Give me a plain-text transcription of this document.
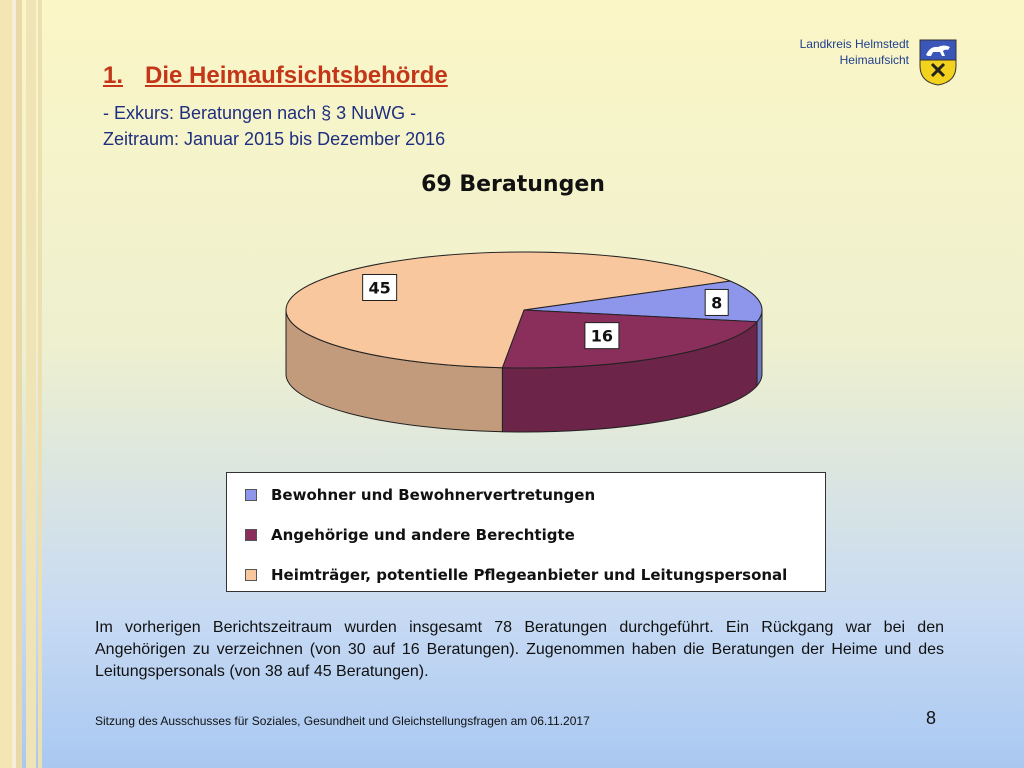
Landkreis Helmstedt
Heimaufsicht
1. Die Heimaufsichtsbehörde
- Exkurs: Beratungen nach § 3 NuWG -
Zeitraum: Januar 2015 bis Dezember 2016
69 Beratungen
8
16
45
Bewohner und Bewohnervertretungen
Angehörige und andere Berechtigte
Heimträger, potentielle Pflegeanbieter und Leitungspersonal
Im vorherigen Berichtszeitraum wurden insgesamt 78 Beratungen durchgeführt. Ein Rückgang war bei den Angehörigen zu verzeichnen (von 30 auf 16 Beratungen). Zugenommen haben die Beratungen der Heime und des Leitungspersonals (von 38 auf 45 Beratungen).
Sitzung des Ausschusses für Soziales, Gesundheit und Gleichstellungsfragen am 06.11.2017	8
